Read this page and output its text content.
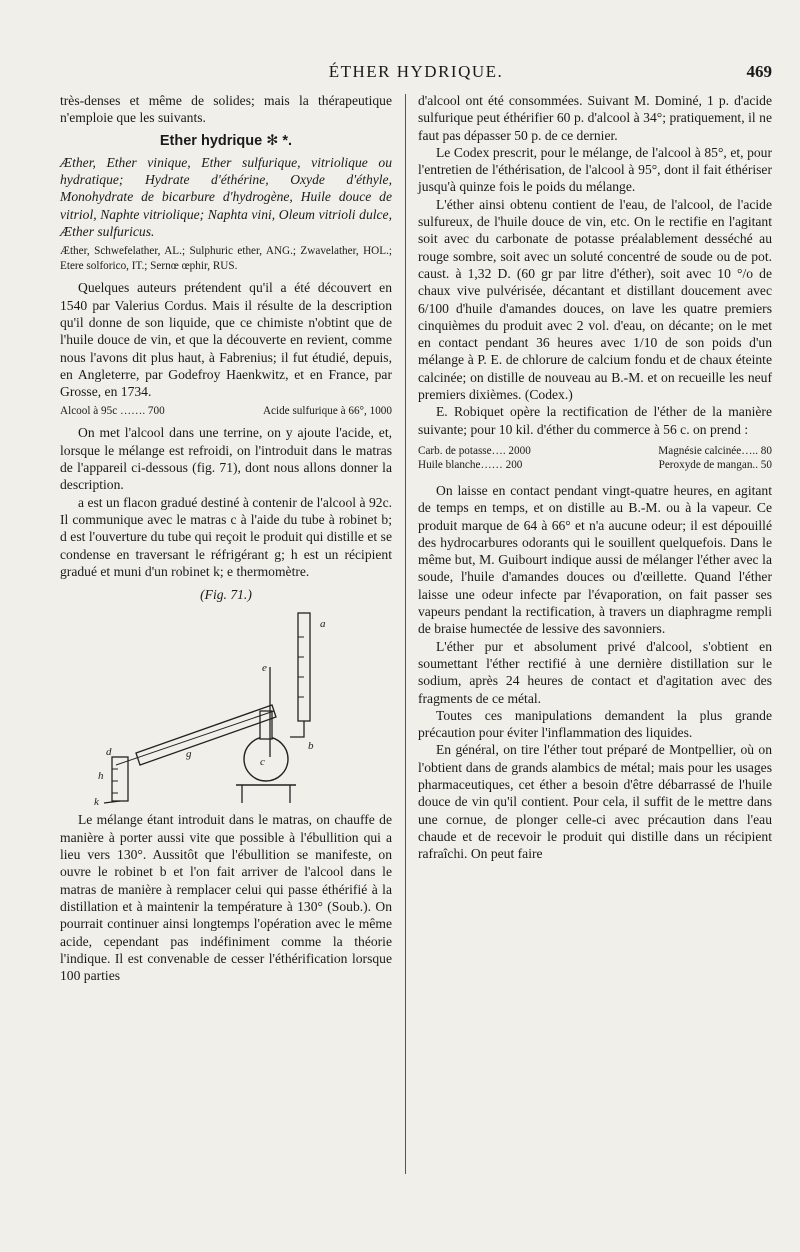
ÉTHER HYDRIQUE.	469

très-denses et même de solides; mais la thérapeutique n'emploie que les suivants.

Ether hydrique ✻ *.

Æther, Ether vinique, Ether sulfurique, vitriolique ou hydratique; Hydrate d'éthérine, Oxyde d'éthyle, Monohydrate de bicarbure d'hydrogène, Huile douce de vitriol, Naphte vitriolique; Naphta vini, Oleum vitrioli dulce, Æther sulfuricus.

Æther, Schwefelather, AL.; Sulphuric ether, ANG.; Zwavelather, HOL.; Etere solforico, IT.; Sernœ œphir, RUS.

Quelques auteurs prétendent qu'il a été découvert en 1540 par Valerius Cordus. Mais il résulte de la description qu'il donne de son liquide, que ce chimiste n'obtint que de l'huile douce de vin, et que la découverte en revient, comme nous l'avons dit plus haut, à Fabrenius; il fut étudié, depuis, en Angleterre, par Godefroy Haenkwitz, et en France, par Grosse, en 1734.

Alcool à 95c ……. 700	Acide sulfurique à 66°, 1000

On met l'alcool dans une terrine, on y ajoute l'acide, et, lorsque le mélange est refroidi, on l'introduit dans le matras de l'appareil ci-dessous (fig. 71), dont nous allons donner la description.

a est un flacon gradué destiné à contenir de l'alcool à 92c. Il communique avec le matras c à l'aide du tube à robinet b; d est l'ouverture du tube qui reçoit le produit qui distille et se condense en traversant le réfrigérant g; h est un récipient gradué et muni d'un robinet k; e thermomètre.

(Fig. 71.)
a
b
c
d
e
g
h
k

Le mélange étant introduit dans le matras, on chauffe de manière à porter aussi vite que possible à l'ébullition qui a lieu vers 130°. Aussitôt que l'ébullition se manifeste, on ouvre le robinet b et l'on fait arriver de l'alcool dans le matras de manière à remplacer celui qui passe éthérifié à la distillation et à maintenir la température à 130° (Soub.). On pourrait continuer ainsi longtemps l'opération avec le même acide, cependant pas indéfiniment comme la théorie l'indique. Il est convenable de cesser l'éthérification lorsque 100 parties

d'alcool ont été consommées. Suivant M. Dominé, 1 p. d'acide sulfurique peut éthérifier 60 p. d'alcool à 34°; pratiquement, il ne faut pas dépasser 50 p. de ce dernier.

Le Codex prescrit, pour le mélange, de l'alcool à 85°, et, pour l'entretien de l'éthérisation, de l'alcool à 95°, dont il fait éthériser jusqu'à quinze fois le poids du mélange.

L'éther ainsi obtenu contient de l'eau, de l'alcool, de l'acide sulfureux, de l'huile douce de vin, etc. On le rectifie en l'agitant soit avec du carbonate de potasse préalablement desséché au rouge sombre, soit avec un soluté concentré de soude ou de pot. caust. à 1,32 D. (60 gr par litre d'éther), soit avec 10 °/o de chaux vive pulvérisée, décantant et distillant doucement avec 6/100 d'huile d'amandes douces, on lave les quatre premiers cinquièmes du produit avec 2 vol. d'eau, on décante; on le met en contact pendant 36 heures avec 1/10 de son poids d'un mélange à P. E. de chlorure de calcium fondu et de chaux éteinte calcinée; on distille de nouveau au B.-M. et on recueille les neuf premiers dixièmes. (Codex.)

E. Robiquet opère la rectification de l'éther de la manière suivante; pour 10 kil. d'éther du commerce à 56 c. on prend :

Carb. de potasse…. 2000	Magnésie calcinée….. 80
Huile blanche…… 200	Peroxyde de mangan.. 50

On laisse en contact pendant vingt-quatre heures, en agitant de temps en temps, et on distille au B.-M. ou à la vapeur. Ce produit marque de 64 à 66° et n'a aucune odeur; il est dépouillé des hydrocarbures odorants qui le souillent quelquefois. Dans le même but, M. Guibourt indique aussi de mélanger l'éther avec la soude, l'huile d'amandes douces ou d'œillette. Quand l'éther laisse une odeur infecte par l'évaporation, on fait passer ses vapeurs pendant la rectification, à travers un diaphragme rempli de braise humectée de lessive des savonniers.

L'éther pur et absolument privé d'alcool, s'obtient en soumettant l'éther rectifié à une dernière distillation sur le sodium, après 24 heures de contact et d'agitation avec des fragments de ce métal.

Toutes ces manipulations demandent la plus grande précaution pour éviter l'inflammation des liquides.

En général, on tire l'éther tout préparé de Montpellier, où on l'obtient dans de grands alambics de métal; mais pour les usages pharmaceutiques, cet éther a besoin d'être débarrassé de l'huile douce de vin qu'il contient. Pour cela, il suffit de le mettre dans une cornue, de plonger celle-ci avec précaution dans l'eau chaude et de recevoir le produit qui distille dans un récipient rafraîchi. On peut faire
